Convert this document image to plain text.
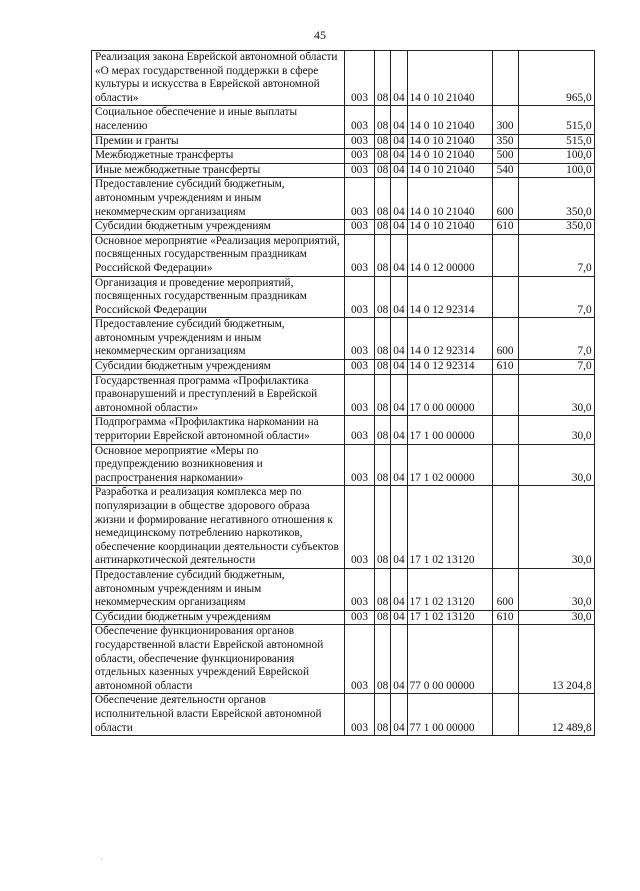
45
Реализация закона Еврейской автономной области «О мерах государственной поддержки в сфере культуры и искусства в Еврейской автономной области»	003	08	04	14 0 10 21040		965,0
Социальное обеспечение и иные выплаты населению	003	08	04	14 0 10 21040	300	515,0
Премии и гранты	003	08	04	14 0 10 21040	350	515,0
Межбюджетные трансферты	003	08	04	14 0 10 21040	500	100,0
Иные межбюджетные трансферты	003	08	04	14 0 10 21040	540	100,0
Предоставление субсидий бюджетным, автономным учреждениям и иным некоммерческим организациям	003	08	04	14 0 10 21040	600	350,0
Субсидии бюджетным учреждениям	003	08	04	14 0 10 21040	610	350,0
Основное мероприятие «Реализация мероприятий, посвященных государственным праздникам Российской Федерации»	003	08	04	14 0 12 00000		7,0
Организация и проведение мероприятий, посвященных государственным праздникам Российской Федерации	003	08	04	14 0 12 92314		7,0
Предоставление субсидий бюджетным, автономным учреждениям и иным некоммерческим организациям	003	08	04	14 0 12 92314	600	7,0
Субсидии бюджетным учреждениям	003	08	04	14 0 12 92314	610	7,0
Государственная программа «Профилактика правонарушений и преступлений в Еврейской автономной области»	003	08	04	17 0 00 00000		30,0
Подпрограмма «Профилактика наркомании на территории Еврейской автономной области»	003	08	04	17 1 00 00000		30,0
Основное мероприятие «Меры по предупреждению возникновения и распространения наркомании»	003	08	04	17 1 02 00000		30,0
Разработка и реализация комплекса мер по популяризации в обществе здорового образа жизни и формирование негативного отношения к немедицинскому потреблению наркотиков, обеспечение координации деятельности субъектов антинаркотической деятельности	003	08	04	17 1 02 13120		30,0
Предоставление субсидий бюджетным, автономным учреждениям и иным некоммерческим организациям	003	08	04	17 1 02 13120	600	30,0
Субсидии бюджетным учреждениям	003	08	04	17 1 02 13120	610	30,0
Обеспечение функционирования органов государственной власти Еврейской автономной области, обеспечение функционирования отдельных казенных учреждений Еврейской автономной области	003	08	04	77 0 00 00000		13 204,8
Обеспечение деятельности органов исполнительной власти Еврейской автономной области	003	08	04	77 1 00 00000		12 489,8
·
